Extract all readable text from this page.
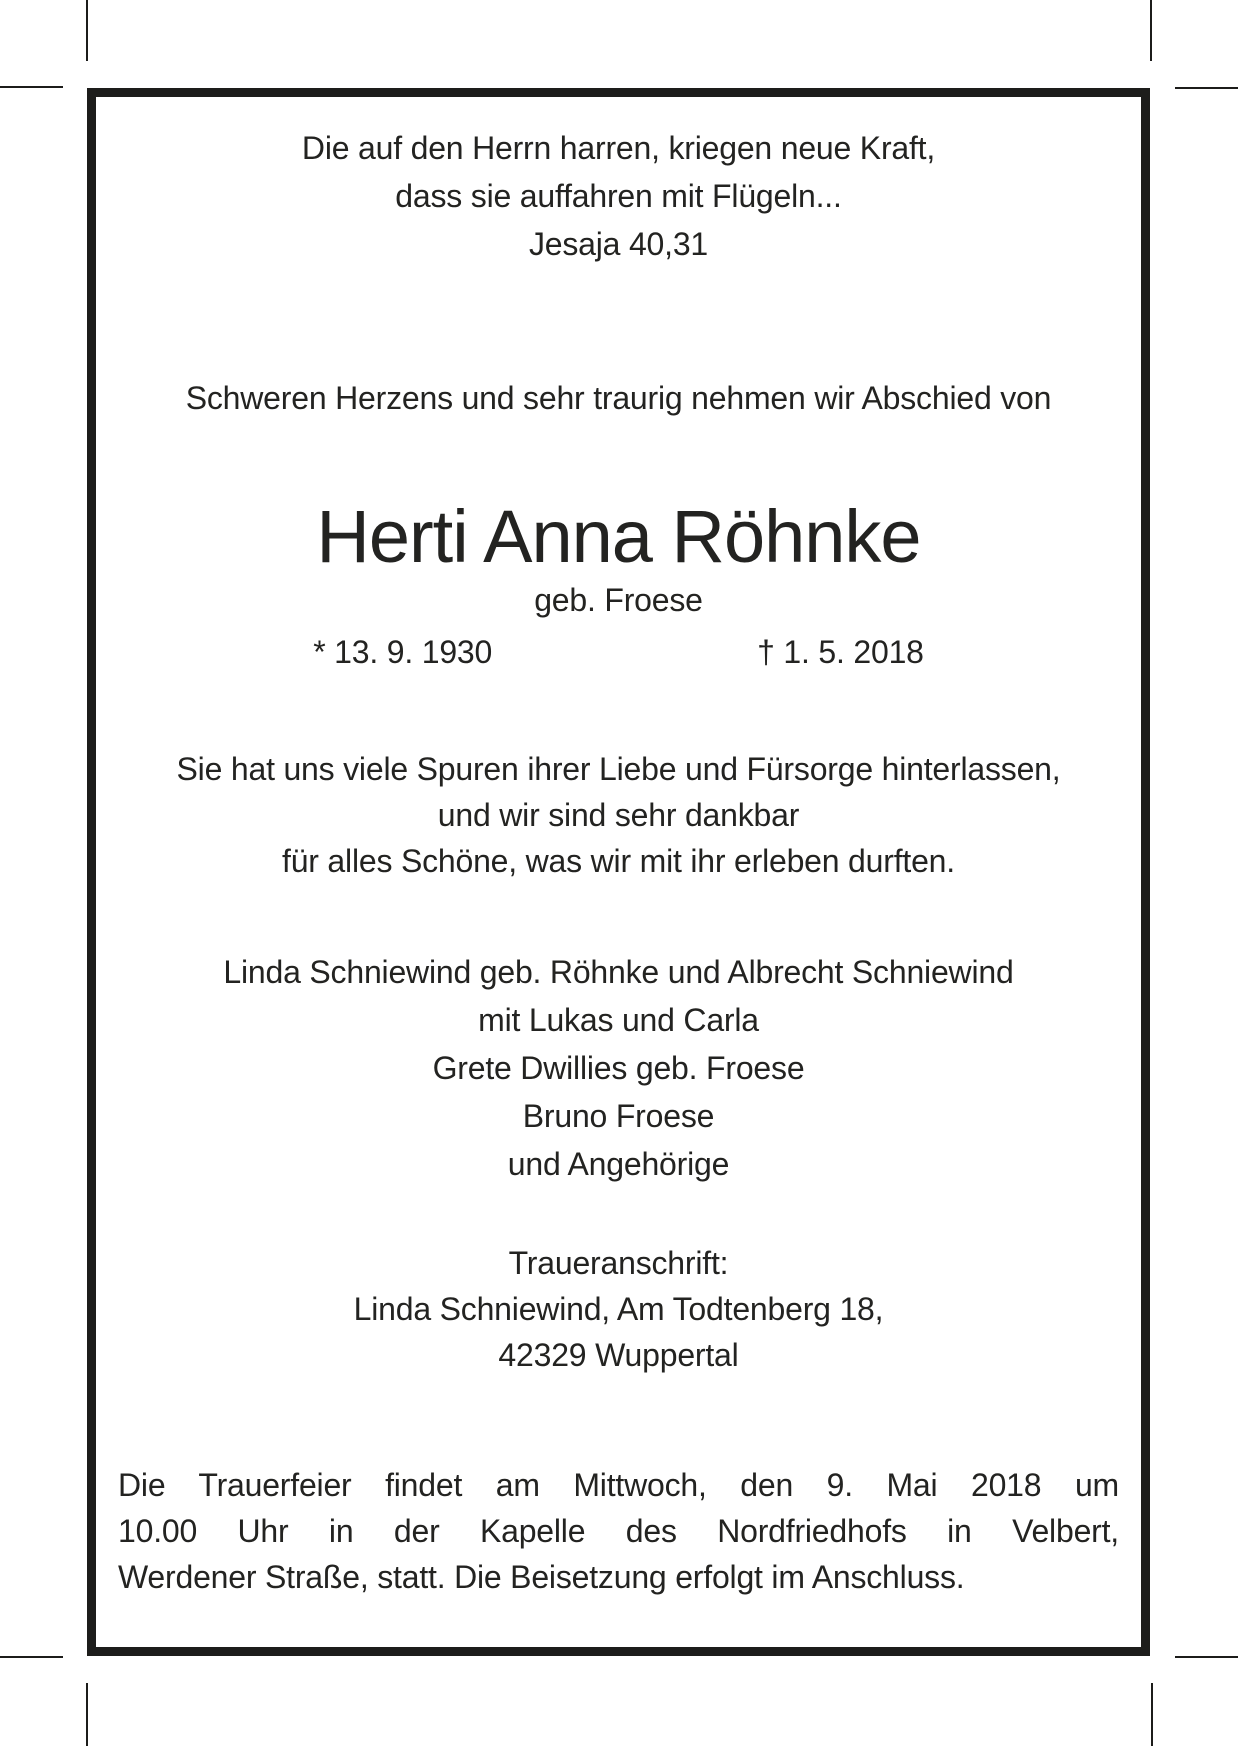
Die auf den Herrn harren, kriegen neue Kraft,
dass sie auffahren mit Flügeln...
Jesaja 40,31
Schweren Herzens und sehr traurig nehmen wir Abschied von
Herti Anna Röhnke
geb. Froese
* 13. 9. 1930	† 1. 5. 2018
Sie hat uns viele Spuren ihrer Liebe und Fürsorge hinterlassen,
und wir sind sehr dankbar
für alles Schöne, was wir mit ihr erleben durften.
Linda Schniewind geb. Röhnke und Albrecht Schniewind
mit Lukas und Carla
Grete Dwillies geb. Froese
Bruno Froese
und Angehörige
Traueranschrift:
Linda Schniewind, Am Todtenberg 18,
42329 Wuppertal
Die Trauerfeier findet am Mittwoch, den 9. Mai 2018 um
10.00 Uhr in der Kapelle des Nordfriedhofs in Velbert,
Werdener Straße, statt. Die Beisetzung erfolgt im Anschluss.
